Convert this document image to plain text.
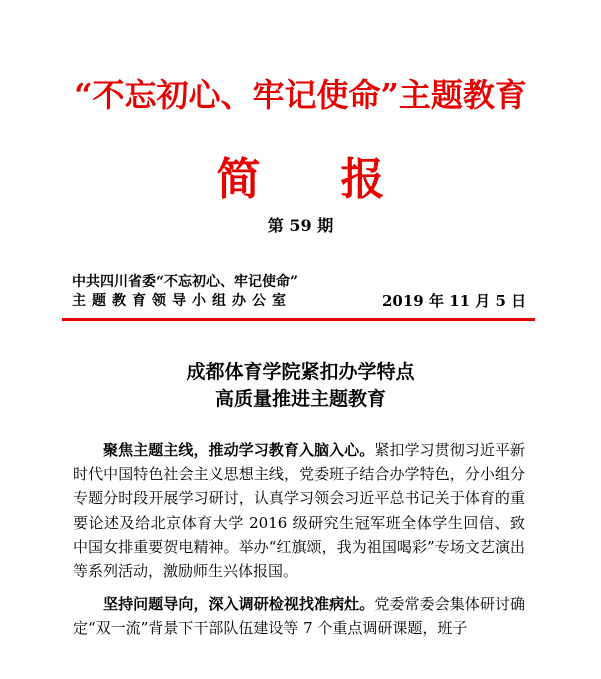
“不忘初心、牢记使命”主题教育
简 报
第 59 期
中共四川省委“不忘初心、牢记使命”
主题教育领导小组办公室	2019 年 11 月 5 日
成都体育学院紧扣办学特点
高质量推进主题教育

聚焦主题主线，推动学习教育入脑入心。紧扣学习贯彻习近平新时代中国特色社会主义思想主线，党委班子结合办学特色，分小组分专题分时段开展学习研讨，认真学习领会习近平总书记关于体育的重要论述及给北京体育大学 2016 级研究生冠军班全体学生回信、致中国女排重要贺电精神。举办“红旗颂，我为祖国喝彩”专场文艺演出等系列活动，激励师生兴体报国。

坚持问题导向，深入调研检视找准病灶。党委常委会集体研讨确定“双一流”背景下干部队伍建设等 7 个重点调研课题，班子
